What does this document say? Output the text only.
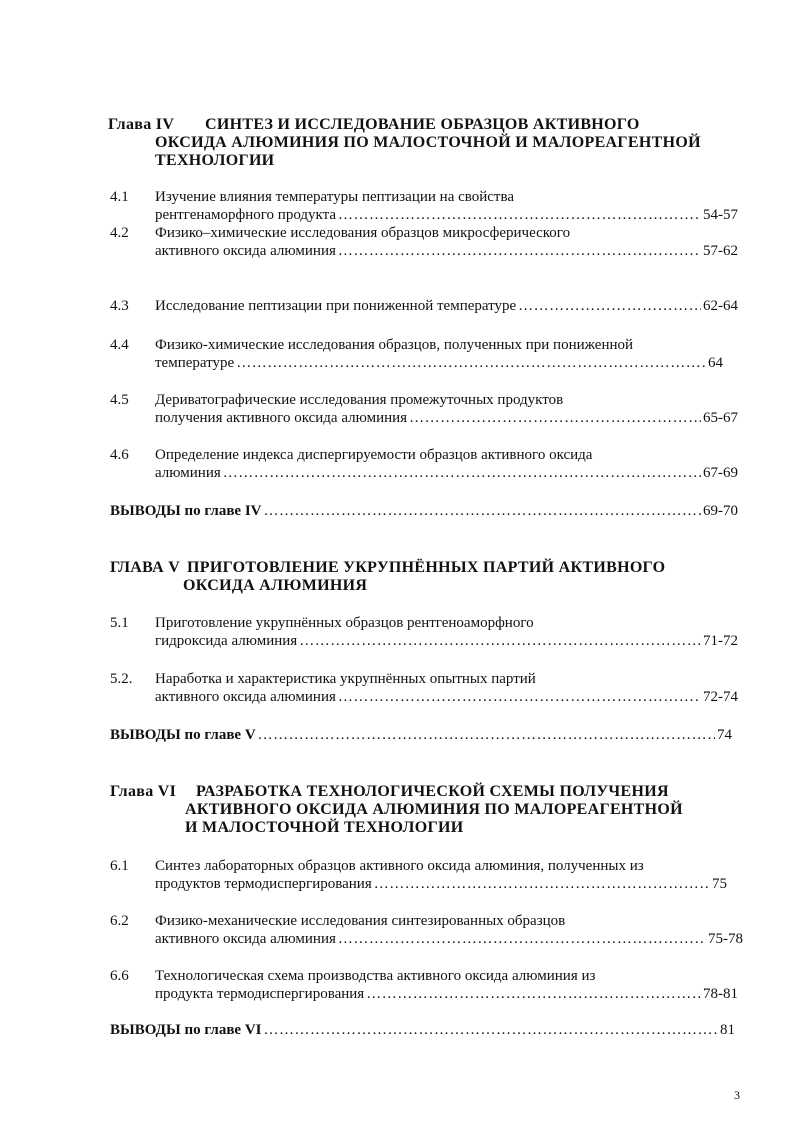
Глава IV СИНТЕЗ И ИССЛЕДОВАНИЕ ОБРАЗЦОВ АКТИВНОГО
ОКСИДА АЛЮМИНИЯ ПО МАЛОСТОЧНОЙ И МАЛОРЕАГЕНТНОЙ
ТЕХНОЛОГИИ
4.1 Изучение влияния температуры пептизации на свойства
рентгенаморфного продукта ……………………………………………………………………………………………………………………………………………………………………	54-57
4.2 Физико–химические исследования образцов микросферического
активного оксида алюминия ……………………………………………………………………………………………………………………………………………………………………	57-62
4.3 Исследование пептизации при пониженной температуре ……………………………………………………………………………………………………………………………………………………………………	62-64
4.4 Физико-химические исследования образцов, полученных при пониженной
температуре ……………………………………………………………………………………………………………………………………………………………………	64
4.5 Дериватографические исследования промежуточных продуктов
получения активного оксида алюминия ……………………………………………………………………………………………………………………………………………………………………	65-67
4.6 Определение индекса диспергируемости образцов активного оксида
алюминия ……………………………………………………………………………………………………………………………………………………………………	67-69
ВЫВОДЫ по главе IV ……………………………………………………………………………………………………………………………………………………………………	69-70
ГЛАВА V ПРИГОТОВЛЕНИЕ УКРУПНЁННЫХ ПАРТИЙ АКТИВНОГО
ОКСИДА АЛЮМИНИЯ
5.1 Приготовление укрупнённых образцов рентгеноаморфного
гидроксида алюминия ……………………………………………………………………………………………………………………………………………………………………	71-72
5.2. Наработка и характеристика укрупнённых опытных партий
активного оксида алюминия ……………………………………………………………………………………………………………………………………………………………………	72-74
ВЫВОДЫ по главе V ……………………………………………………………………………………………………………………………………………………………………	74
Глава VI РАЗРАБОТКА ТЕХНОЛОГИЧЕСКОЙ СХЕМЫ ПОЛУЧЕНИЯ
АКТИВНОГО ОКСИДА АЛЮМИНИЯ ПО МАЛОРЕАГЕНТНОЙ
И МАЛОСТОЧНОЙ ТЕХНОЛОГИИ
6.1 Синтез лабораторных образцов активного оксида алюминия, полученных из
продуктов термодиспергирования ……………………………………………………………………………………………………………………………………………………………………	75
6.2 Физико-механические исследования синтезированных образцов
активного оксида алюминия ……………………………………………………………………………………………………………………………………………………………………	75-78
6.6 Технологическая схема производства активного оксида алюминия из
продукта термодиспергирования ……………………………………………………………………………………………………………………………………………………………………	78-81
ВЫВОДЫ по главе VI ……………………………………………………………………………………………………………………………………………………………………	81
3
